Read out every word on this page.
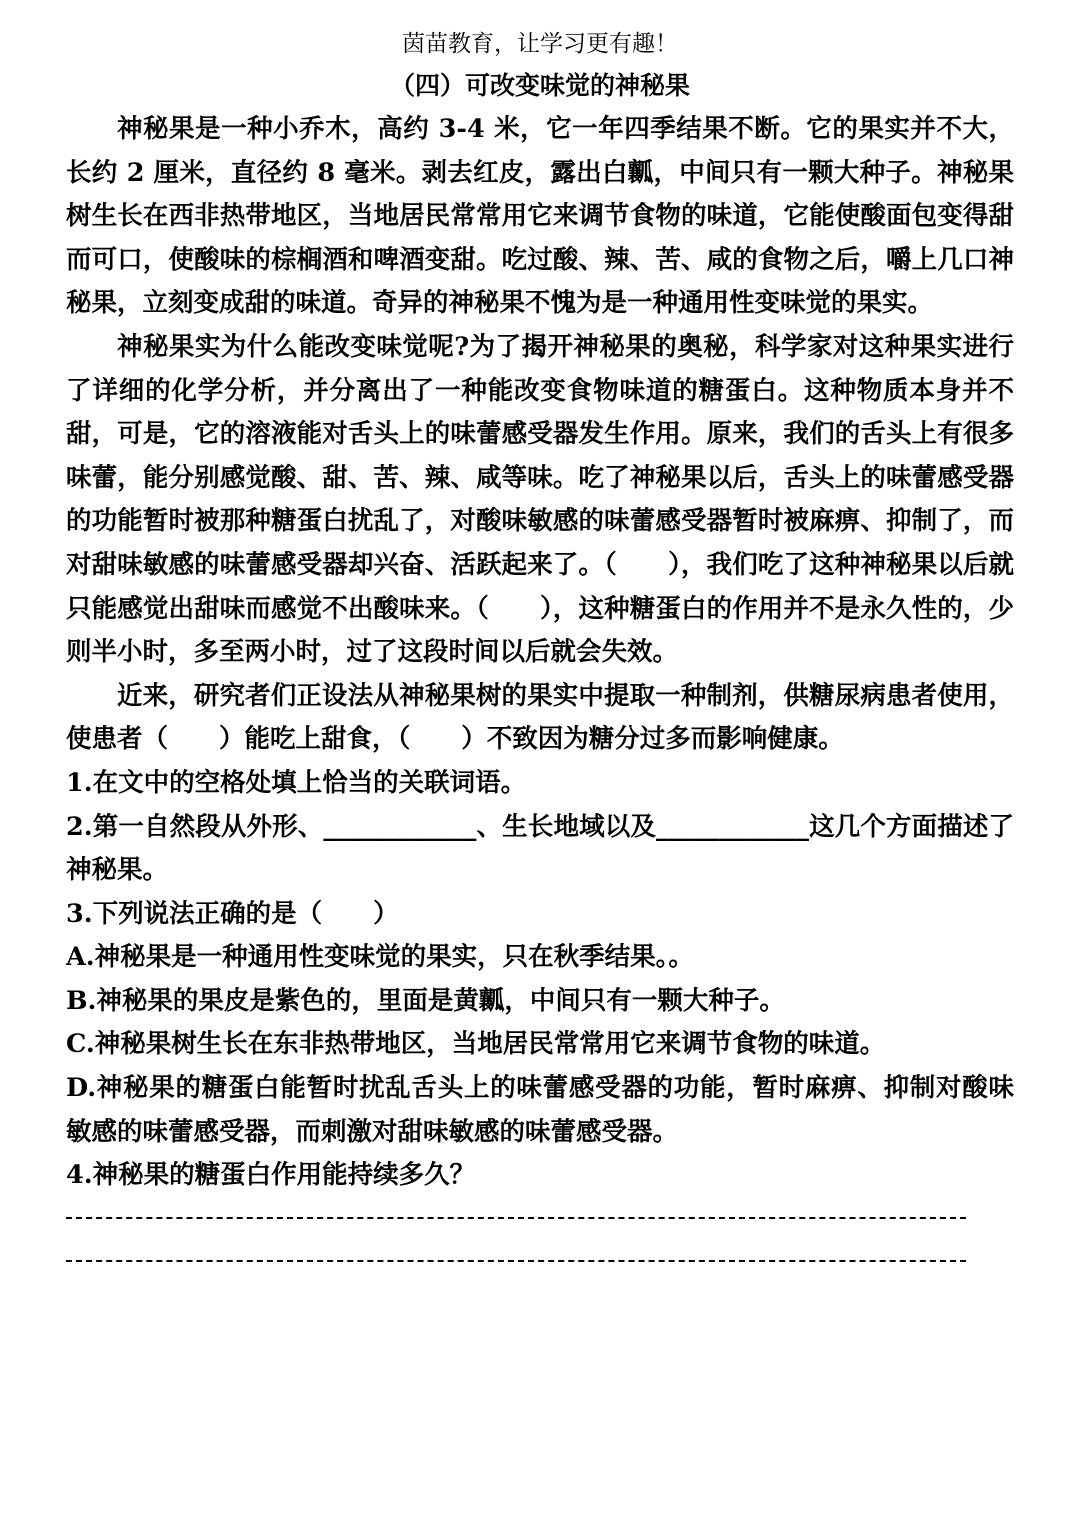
茵苗教育，让学习更有趣！
（四）可改变味觉的神秘果

神秘果是一种小乔木，高约 3-4 米，它一年四季结果不断。它的果实并不大，长约 2 厘米，直径约 8 毫米。剥去红皮，露出白瓤，中间只有一颗大种子。神秘果树生长在西非热带地区，当地居民常常用它来调节食物的味道，它能使酸面包变得甜而可口，使酸味的棕榈酒和啤酒变甜。吃过酸、辣、苦、咸的食物之后，嚼上几口神秘果，立刻变成甜的味道。奇异的神秘果不愧为是一种通用性变味觉的果实。

神秘果实为什么能改变味觉呢?为了揭开神秘果的奥秘，科学家对这种果实进行了详细的化学分析，并分离出了一种能改变食物味道的糖蛋白。这种物质本身并不甜，可是，它的溶液能对舌头上的味蕾感受器发生作用。原来，我们的舌头上有很多味蕾，能分别感觉酸、甜、苦、辣、咸等味。吃了神秘果以后，舌头上的味蕾感受器的功能暂时被那种糖蛋白扰乱了，对酸味敏感的味蕾感受器暂时被麻痹、抑制了，而对甜味敏感的味蕾感受器却兴奋、活跃起来了。（　　），我们吃了这种神秘果以后就只能感觉出甜味而感觉不出酸味来。（　　），这种糖蛋白的作用并不是永久性的，少则半小时，多至两小时，过了这段时间以后就会失效。

近来，研究者们正设法从神秘果树的果实中提取一种制剂，供糖尿病患者使用，使患者（　　）能吃上甜食，（　　）不致因为糖分过多而影响健康。

1.在文中的空格处填上恰当的关联词语。

2.第一自然段从外形、____________、生长地域以及____________这几个方面描述了神秘果。

3.下列说法正确的是（　　）

A.神秘果是一种通用性变味觉的果实，只在秋季结果。。

B.神秘果的果皮是紫色的，里面是黄瓤，中间只有一颗大种子。

C.神秘果树生长在东非热带地区，当地居民常常用它来调节食物的味道。

D.神秘果的糖蛋白能暂时扰乱舌头上的味蕾感受器的功能，暂时麻痹、抑制对酸味敏感的味蕾感受器，而刺激对甜味敏感的味蕾感受器。

4.神秘果的糖蛋白作用能持续多久？
